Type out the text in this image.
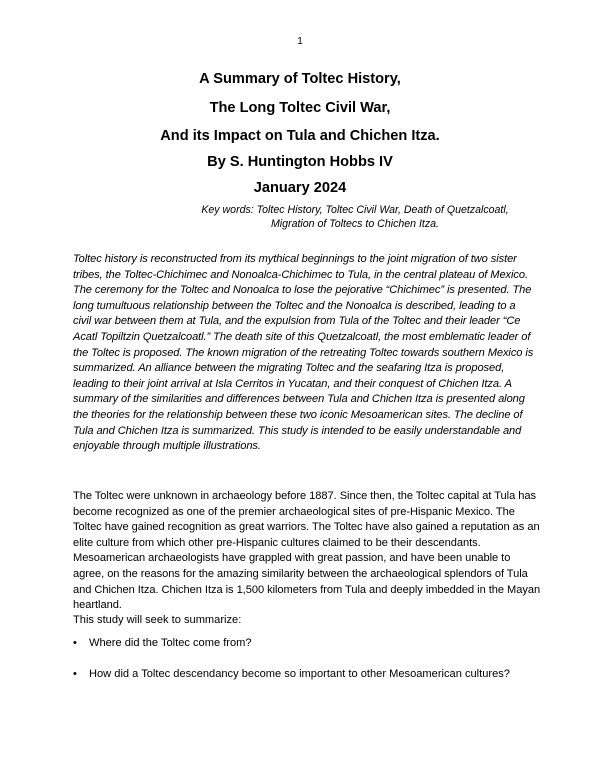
1
A Summary of Toltec History,
The Long Toltec Civil War,
And its Impact on Tula and Chichen Itza.
By S. Huntington Hobbs IV
January 2024
Key words: Toltec History, Toltec Civil War, Death of Quetzalcoatl, Migration of Toltecs to Chichen Itza.

Toltec history is reconstructed from its mythical beginnings to the joint migration of two sister tribes, the Toltec-Chichimec and Nonoalca-Chichimec to Tula, in the central plateau of Mexico. The ceremony for the Toltec and Nonoalca to lose the pejorative “Chichimec” is presented. The long tumultuous relationship between the Toltec and the Nonoalca is described, leading to a civil war between them at Tula, and the expulsion from Tula of the Toltec and their leader “Ce Acatl Topiltzin Quetzalcoatl.” The death site of this Quetzalcoatl, the most emblematic leader of the Toltec is proposed. The known migration of the retreating Toltec towards southern Mexico is summarized. An alliance between the migrating Toltec and the seafaring Itza is proposed, leading to their joint arrival at Isla Cerritos in Yucatan, and their conquest of Chichen Itza. A summary of the similarities and differences between Tula and Chichen Itza is presented along the theories for the relationship between these two iconic Mesoamerican sites. The decline of Tula and Chichen Itza is summarized. This study is intended to be easily understandable and enjoyable through multiple illustrations.

The Toltec were unknown in archaeology before 1887. Since then, the Toltec capital at Tula has become recognized as one of the premier archaeological sites of pre-Hispanic Mexico. The Toltec have gained recognition as great warriors. The Toltec have also gained a reputation as an elite culture from which other pre-Hispanic cultures claimed to be their descendants. Mesoamerican archaeologists have grappled with great passion, and have been unable to agree, on the reasons for the amazing similarity between the archaeological splendors of Tula and Chichen Itza. Chichen Itza is 1,500 kilometers from Tula and deeply imbedded in the Mayan heartland.

This study will seek to summarize:

•	Where did the Toltec come from?
•	How did a Toltec descendancy become so important to other Mesoamerican cultures?
